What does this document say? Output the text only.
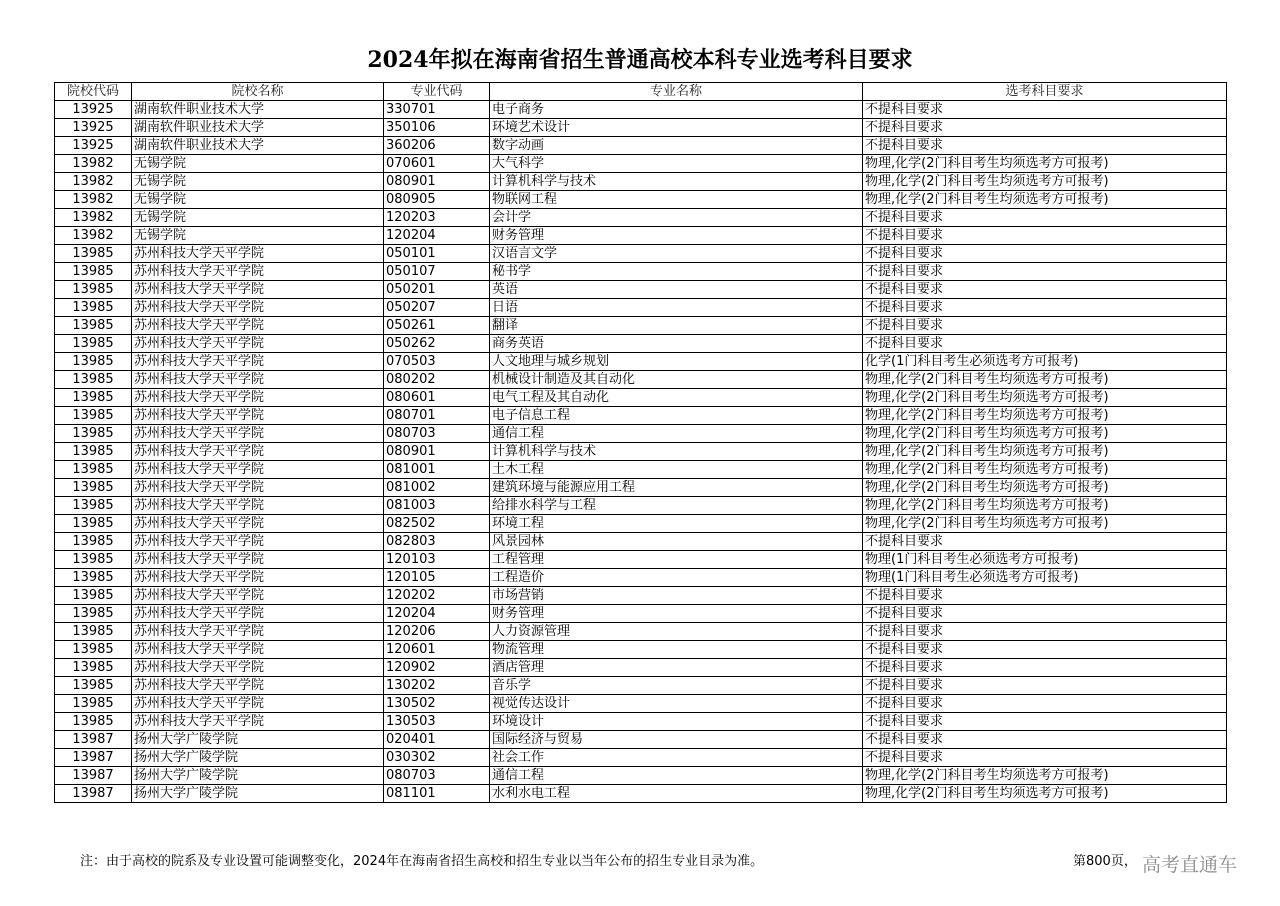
2024年拟在海南省招生普通高校本科专业选考科目要求
院校代码	院校名称	专业代码	专业名称	选考科目要求
13925	湖南软件职业技术大学	330701	电子商务	不提科目要求
13925	湖南软件职业技术大学	350106	环境艺术设计	不提科目要求
13925	湖南软件职业技术大学	360206	数字动画	不提科目要求
13982	无锡学院	070601	大气科学	物理,化学(2门科目考生均须选考方可报考)
13982	无锡学院	080901	计算机科学与技术	物理,化学(2门科目考生均须选考方可报考)
13982	无锡学院	080905	物联网工程	物理,化学(2门科目考生均须选考方可报考)
13982	无锡学院	120203	会计学	不提科目要求
13982	无锡学院	120204	财务管理	不提科目要求
13985	苏州科技大学天平学院	050101	汉语言文学	不提科目要求
13985	苏州科技大学天平学院	050107	秘书学	不提科目要求
13985	苏州科技大学天平学院	050201	英语	不提科目要求
13985	苏州科技大学天平学院	050207	日语	不提科目要求
13985	苏州科技大学天平学院	050261	翻译	不提科目要求
13985	苏州科技大学天平学院	050262	商务英语	不提科目要求
13985	苏州科技大学天平学院	070503	人文地理与城乡规划	化学(1门科目考生必须选考方可报考)
13985	苏州科技大学天平学院	080202	机械设计制造及其自动化	物理,化学(2门科目考生均须选考方可报考)
13985	苏州科技大学天平学院	080601	电气工程及其自动化	物理,化学(2门科目考生均须选考方可报考)
13985	苏州科技大学天平学院	080701	电子信息工程	物理,化学(2门科目考生均须选考方可报考)
13985	苏州科技大学天平学院	080703	通信工程	物理,化学(2门科目考生均须选考方可报考)
13985	苏州科技大学天平学院	080901	计算机科学与技术	物理,化学(2门科目考生均须选考方可报考)
13985	苏州科技大学天平学院	081001	土木工程	物理,化学(2门科目考生均须选考方可报考)
13985	苏州科技大学天平学院	081002	建筑环境与能源应用工程	物理,化学(2门科目考生均须选考方可报考)
13985	苏州科技大学天平学院	081003	给排水科学与工程	物理,化学(2门科目考生均须选考方可报考)
13985	苏州科技大学天平学院	082502	环境工程	物理,化学(2门科目考生均须选考方可报考)
13985	苏州科技大学天平学院	082803	风景园林	不提科目要求
13985	苏州科技大学天平学院	120103	工程管理	物理(1门科目考生必须选考方可报考)
13985	苏州科技大学天平学院	120105	工程造价	物理(1门科目考生必须选考方可报考)
13985	苏州科技大学天平学院	120202	市场营销	不提科目要求
13985	苏州科技大学天平学院	120204	财务管理	不提科目要求
13985	苏州科技大学天平学院	120206	人力资源管理	不提科目要求
13985	苏州科技大学天平学院	120601	物流管理	不提科目要求
13985	苏州科技大学天平学院	120902	酒店管理	不提科目要求
13985	苏州科技大学天平学院	130202	音乐学	不提科目要求
13985	苏州科技大学天平学院	130502	视觉传达设计	不提科目要求
13985	苏州科技大学天平学院	130503	环境设计	不提科目要求
13987	扬州大学广陵学院	020401	国际经济与贸易	不提科目要求
13987	扬州大学广陵学院	030302	社会工作	不提科目要求
13987	扬州大学广陵学院	080703	通信工程	物理,化学(2门科目考生均须选考方可报考)
13987	扬州大学广陵学院	081101	水利水电工程	物理,化学(2门科目考生均须选考方可报考)
注：由于高校的院系及专业设置可能调整变化，2024年在海南省招生高校和招生专业以当年公布的招生专业目录为准。	第800页， 高考直通车
